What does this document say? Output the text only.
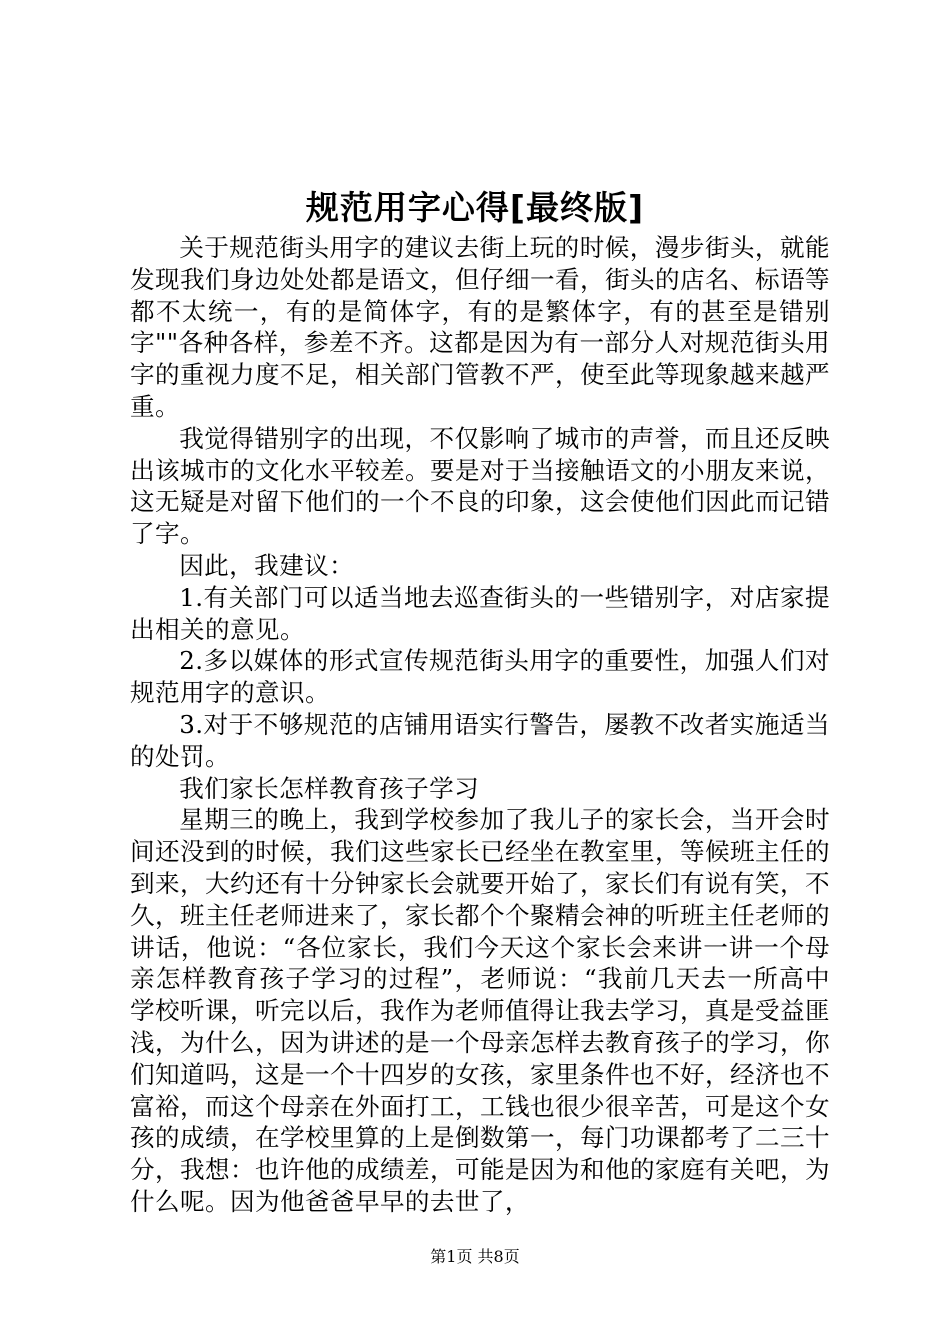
规范用字心得[最终版]

关于规范街头用字的建议去街上玩的时候，漫步街头，就能发现我们身边处处都是语文，但仔细一看，街头的店名、标语等都不太统一，有的是简体字，有的是繁体字，有的甚至是错别字""各种各样，参差不齐。这都是因为有一部分人对规范街头用字的重视力度不足，相关部门管教不严，使至此等现象越来越严重。

我觉得错别字的出现，不仅影响了城市的声誉，而且还反映出该城市的文化水平较差。要是对于当接触语文的小朋友来说，这无疑是对留下他们的一个不良的印象，这会使他们因此而记错了字。

因此，我建议：

1.有关部门可以适当地去巡查街头的一些错别字，对店家提出相关的意见。

2.多以媒体的形式宣传规范街头用字的重要性，加强人们对规范用字的意识。

3.对于不够规范的店铺用语实行警告，屡教不改者实施适当的处罚。

我们家长怎样教育孩子学习

星期三的晚上，我到学校参加了我儿子的家长会，当开会时间还没到的时候，我们这些家长已经坐在教室里，等候班主任的到来，大约还有十分钟家长会就要开始了，家长们有说有笑，不久，班主任老师进来了，家长都个个聚精会神的听班主任老师的讲话，他说：“各位家长，我们今天这个家长会来讲一讲一个母亲怎样教育孩子学习的过程”，老师说：“我前几天去一所高中学校听课，听完以后，我作为老师值得让我去学习，真是受益匪浅，为什么，因为讲述的是一个母亲怎样去教育孩子的学习，你们知道吗，这是一个十四岁的女孩，家里条件也不好，经济也不富裕，而这个母亲在外面打工，工钱也很少很辛苦，可是这个女孩的成绩，在学校里算的上是倒数第一，每门功课都考了二三十分，我想：也许他的成绩差，可能是因为和他的家庭有关吧，为什么呢。因为他爸爸早早的去世了，

第1页 共8页
